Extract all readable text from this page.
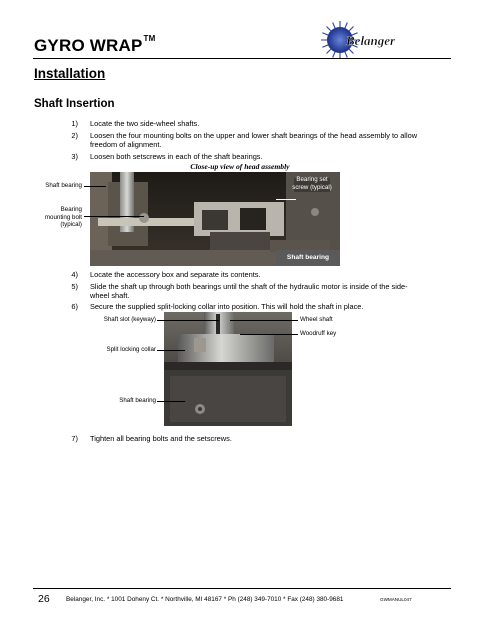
GYRO WRAP™	Belanger
Installation
Shaft Insertion
1) Locate the two side-wheel shafts.
2) Loosen the four mounting bolts on the upper and lower shaft bearings of the head assembly to allow freedom of alignment.
3) Loosen both setscrews in each of the shaft bearings.
Close-up view of head assembly
Shaft bearing
Bearing mounting bolt (typical)
Bearing set screw (typical)
Shaft bearing
4) Locate the accessory box and separate its contents.
5) Slide the shaft up through both bearings until the shaft of the hydraulic motor is inside of the side-wheel shaft.
6) Secure the supplied split-locking collar into position. This will hold the shaft in place.
Shaft slot (keyway)	Wheel shaft
Woodruff key
Split locking collar
Shaft bearing
7) Tighten all bearing bolts and the setscrews.
26	Belanger, Inc. * 1001 Doheny Ct. * Northville, MI 48167 * Ph (248) 349-7010 * Fax (248) 380-9681	GWMANUL047
